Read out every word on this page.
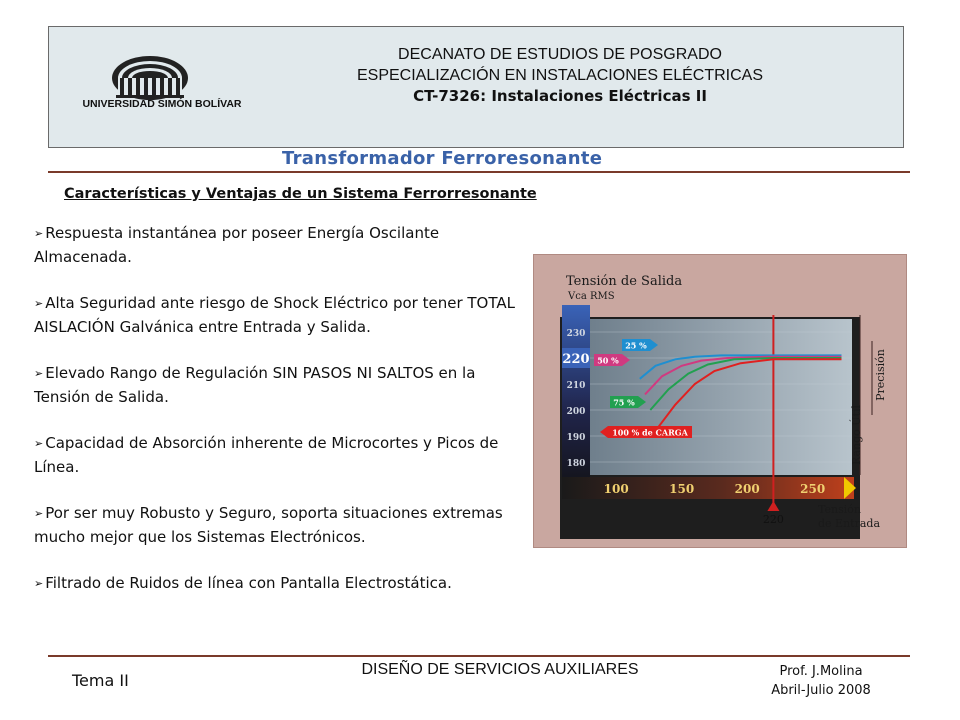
UNIVERSIDAD SIMÓN BOLÍVAR
DECANATO DE ESTUDIOS DE POSGRADO
ESPECIALIZACIÓN EN INSTALACIONES ELÉCTRICAS
CT-7326: Instalaciones Eléctricas II
Transformador Ferroresonante
Características y Ventajas de un Sistema Ferrorresonante
➢ Respuesta instantánea por poseer Energía Oscilante Almacenada.
➢ Alta Seguridad ante riesgo de Shock Eléctrico por tener TOTAL AISLACIÓN Galvánica entre Entrada y Salida.
➢ Elevado Rango de Regulación SIN PASOS NI SALTOS en la Tensión de Salida.
➢ Capacidad de Absorción inherente de Microcortes y Picos de Línea.
➢ Por ser muy Robusto y Seguro, soporta situaciones extremas mucho mejor que los Sistemas Electrónicos.
➢ Filtrado de Ruidos de línea con Pantalla Electrostática.
230
220
210
200
190
180
100	150	200	250
220
25 %
50 %
75 %
100 % de CARGA
Tensión de Salida
Vca RMS
Tensión
de Entrada
Rango Útil
Precisión
DISEÑO DE SERVICIOS AUXILIARES
Tema II	Prof. J.Molina
Abril-Julio 2008
